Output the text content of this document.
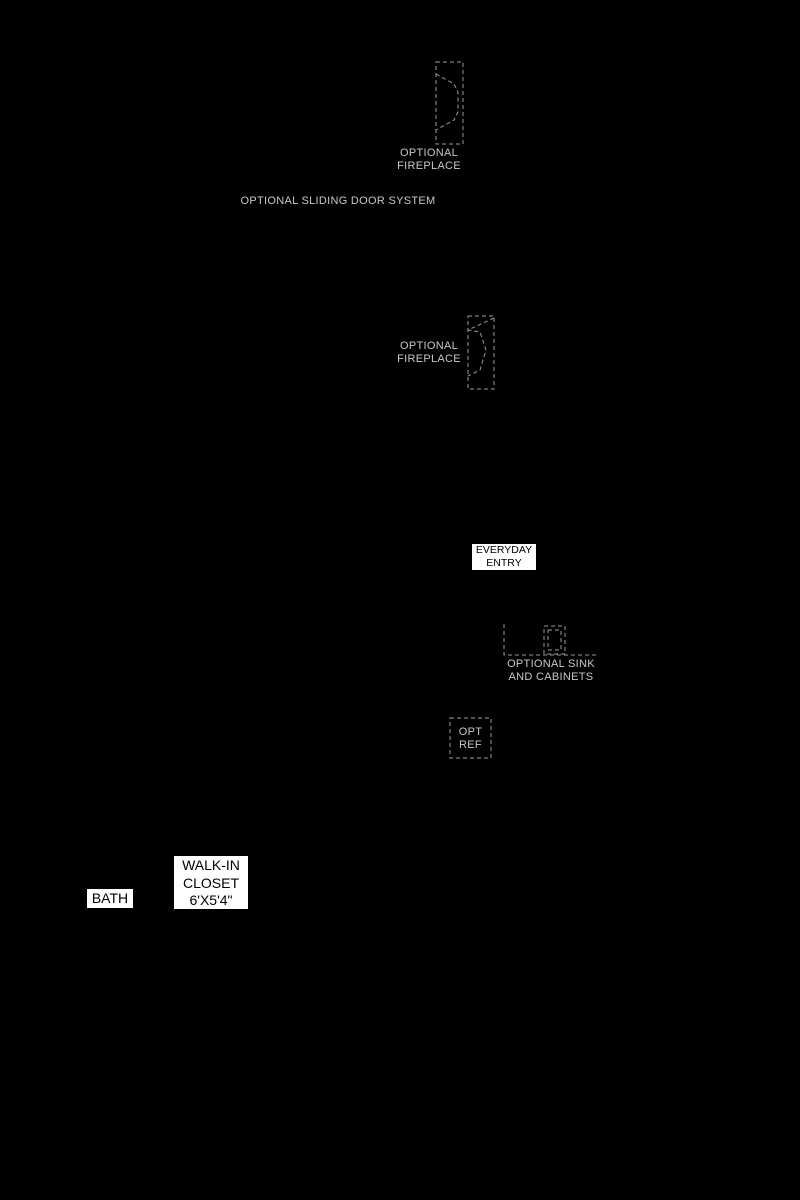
OPTIONAL
FIREPLACE
OPTIONAL SLIDING DOOR SYSTEM
OPTIONAL
FIREPLACE
EVERYDAY
ENTRY
OPTIONAL SINK
AND CABINETS
OPT
REF
WALK-IN
CLOSET
6'X5'4"
BATH
